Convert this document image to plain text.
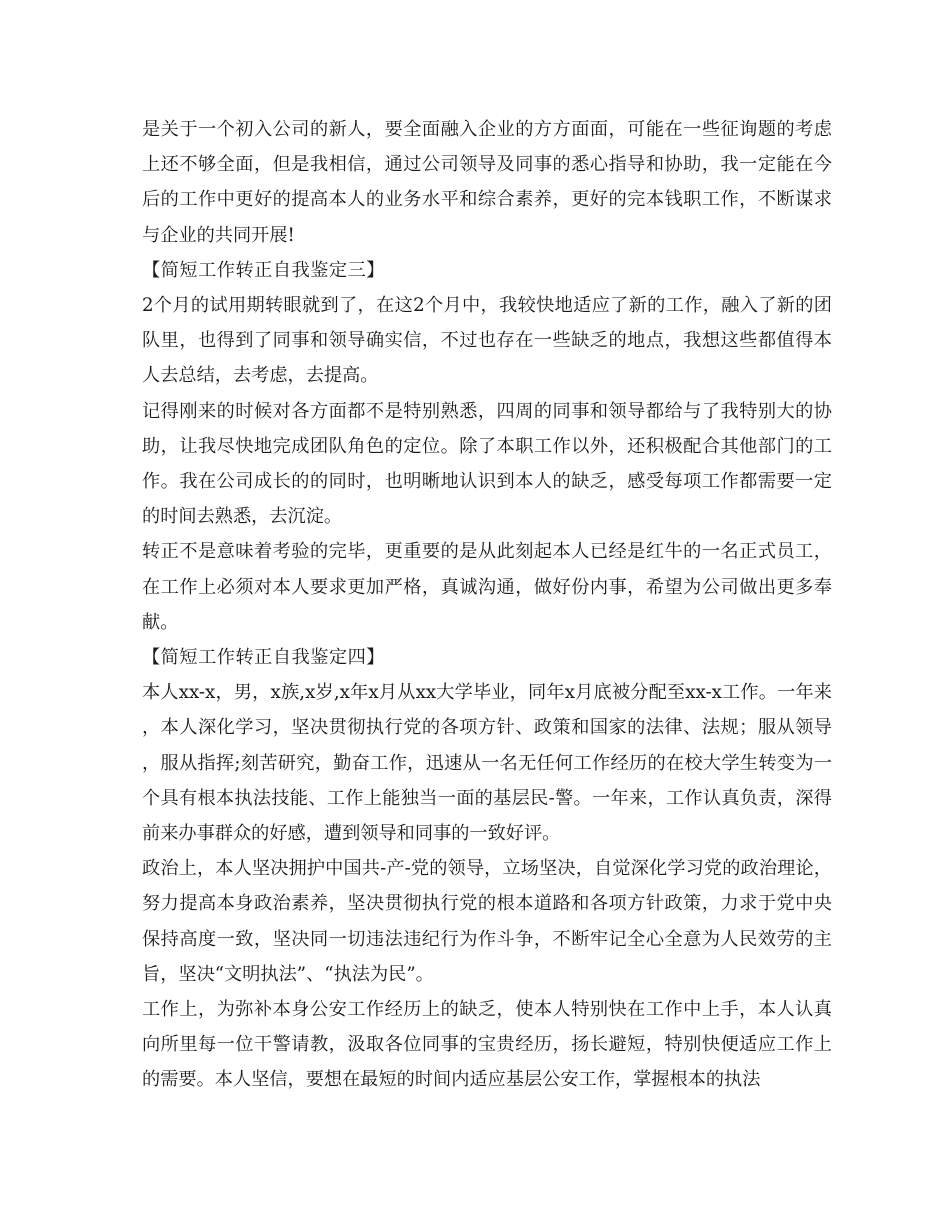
是关于一个初入公司的新人，要全面融入企业的方方面面，可能在一些征询题的考虑上还不够全面，但是我相信，通过公司领导及同事的悉心指导和协助，我一定能在今后的工作中更好的提高本人的业务水平和综合素养，更好的完本钱职工作，不断谋求与企业的共同开展!

【简短工作转正自我鉴定三】

2个月的试用期转眼就到了，在这2个月中，我较快地适应了新的工作，融入了新的团队里，也得到了同事和领导确实信，不过也存在一些缺乏的地点，我想这些都值得本人去总结，去考虑，去提高。

记得刚来的时候对各方面都不是特别熟悉，四周的同事和领导都给与了我特别大的协助，让我尽快地完成团队角色的定位。除了本职工作以外，还积极配合其他部门的工作。我在公司成长的的同时，也明晰地认识到本人的缺乏，感受每项工作都需要一定的时间去熟悉，去沉淀。

转正不是意味着考验的完毕，更重要的是从此刻起本人已经是红牛的一名正式员工，在工作上必须对本人要求更加严格，真诚沟通，做好份内事，希望为公司做出更多奉献。

【简短工作转正自我鉴定四】

本人xx-x，男，x族,x岁,x年x月从xx大学毕业，同年x月底被分配至xx-x工作。一年来，本人深化学习，坚决贯彻执行党的各项方针、政策和国家的法律、法规；服从领导，服从指挥;刻苦研究，勤奋工作，迅速从一名无任何工作经历的在校大学生转变为一个具有根本执法技能、工作上能独当一面的基层民-警。一年来，工作认真负责，深得前来办事群众的好感，遭到领导和同事的一致好评。

政治上，本人坚决拥护中国共-产-党的领导，立场坚决，自觉深化学习党的政治理论，努力提高本身政治素养，坚决贯彻执行党的根本道路和各项方针政策，力求于党中央保持高度一致，坚决同一切违法违纪行为作斗争，不断牢记全心全意为人民效劳的主旨，坚决“文明执法”、“执法为民”。

工作上，为弥补本身公安工作经历上的缺乏，使本人特别快在工作中上手，本人认真向所里每一位干警请教，汲取各位同事的宝贵经历，扬长避短，特别快便适应工作上的需要。本人坚信，要想在最短的时间内适应基层公安工作，掌握根本的执法
